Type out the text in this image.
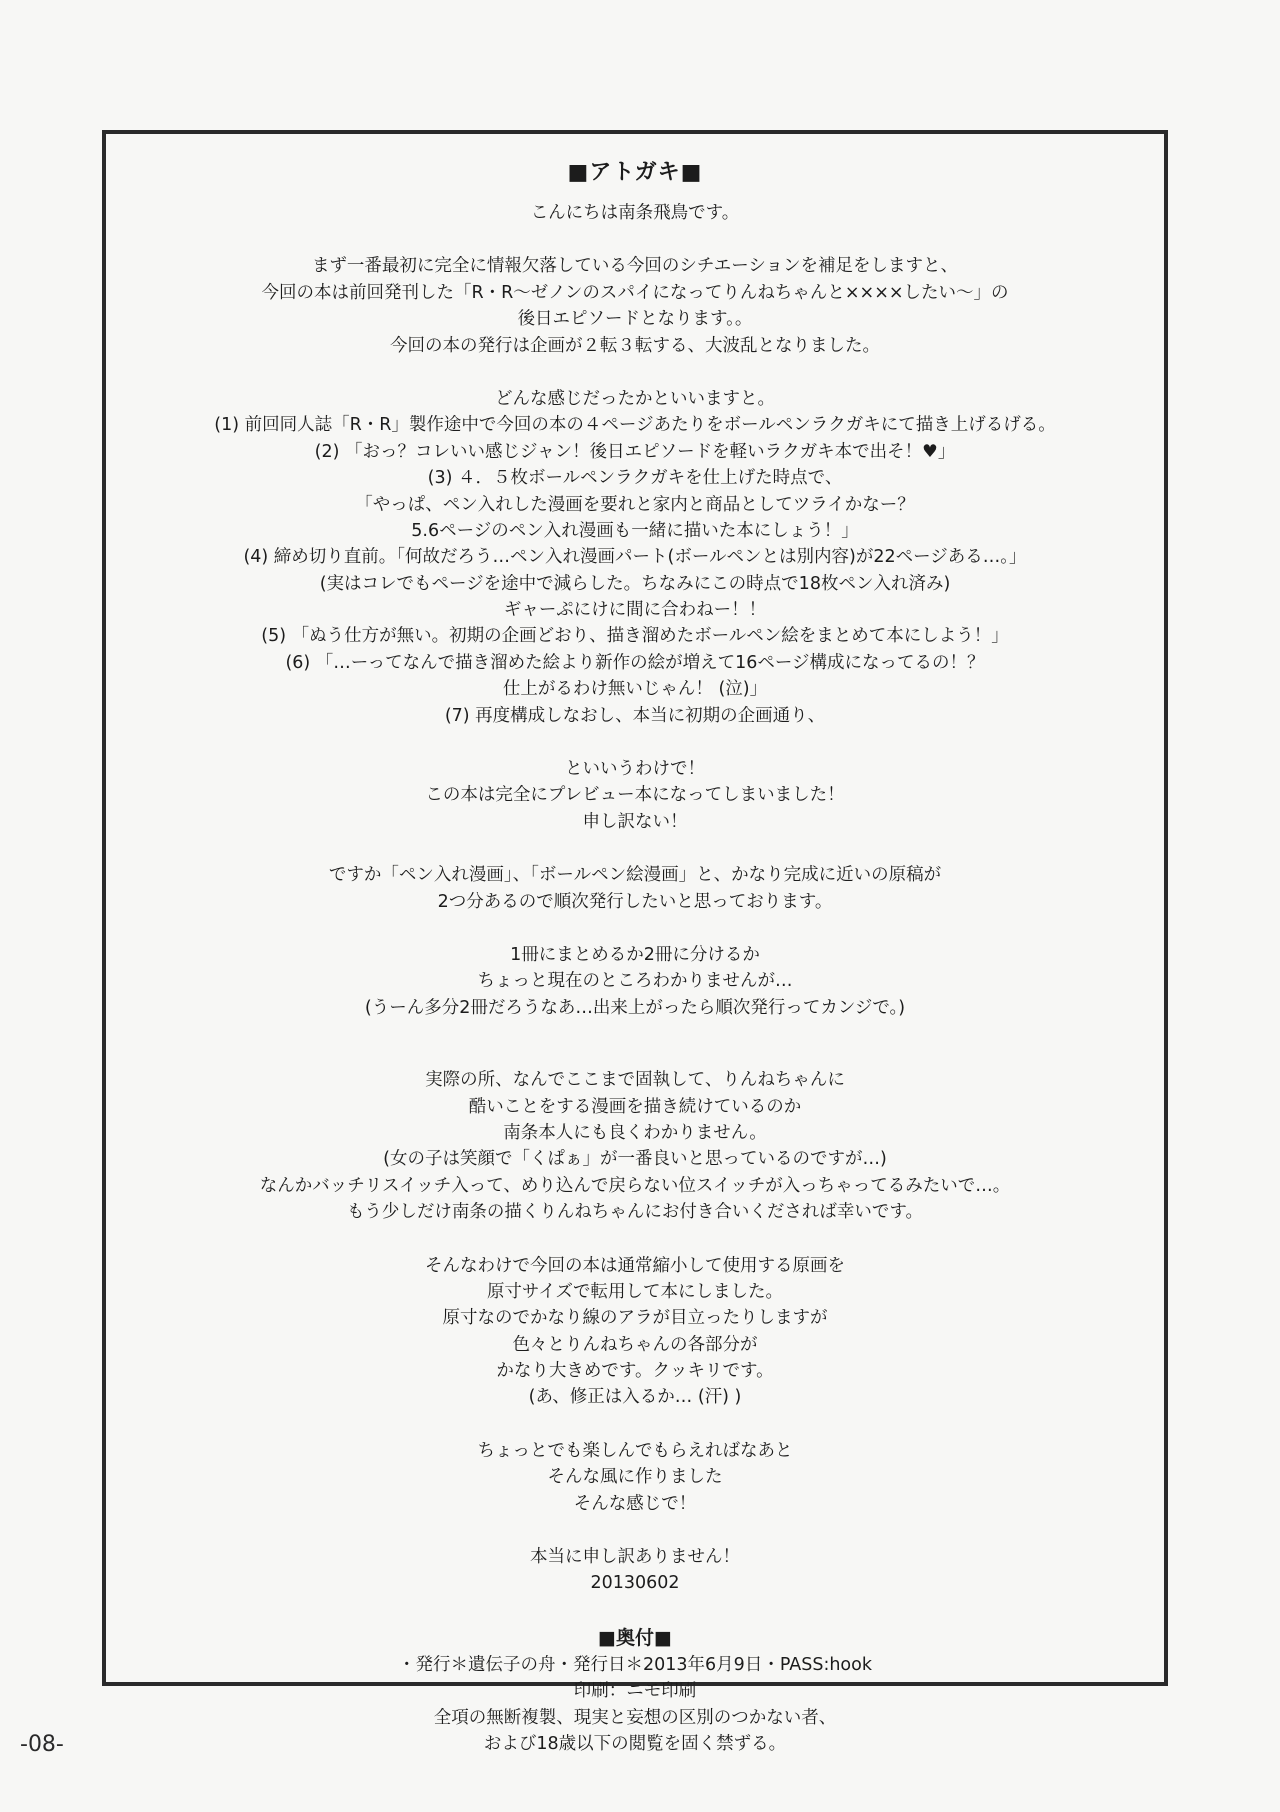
■アトガキ■
こんにちは南条飛鳥です。
まず一番最初に完全に情報欠落している今回のシチエーションを補足をしますと、
今回の本は前回発刊した「R・R～ゼノンのスパイになってりんねちゃんと××××したい～」の
後日エピソードとなります。。
今回の本の発行は企画が２転３転する、大波乱となりました。
どんな感じだったかといいますと。
(1) 前回同人誌「R・R」製作途中で今回の本の４ページあたりをボールペンラクガキにて描き上げるげる。
(2) 「おっ？コレいい感じジャン！後日エピソードを軽いラクガキ本で出そ！♥」
(3) ４．５枚ボールペンラクガキを仕上げた時点で、
「やっぱ、ペン入れした漫画を要れと家内と商品としてツライかなー？
5.6ページのペン入れ漫画も一緒に描いた本にしょう！」
(4) 締め切り直前。「何故だろう…ペン入れ漫画パート(ボールペンとは別内容)が22ページある…。」
(実はコレでもページを途中で減らした。ちなみにこの時点で18枚ペン入れ済み)
ギャーぷにけに間に合わねー！！
(5) 「ぬう仕方が無い。初期の企画どおり、描き溜めたボールペン絵をまとめて本にしよう！」
(6) 「…ーってなんで描き溜めた絵より新作の絵が増えて16ページ構成になってるの！？
仕上がるわけ無いじゃん！ (泣)」
(7) 再度構成しなおし、本当に初期の企画通り、
といいうわけで！
この本は完全にプレビュー本になってしまいました！
申し訳ない！
ですか「ペン入れ漫画」、「ボールペン絵漫画」と、かなり完成に近いの原稿が
2つ分あるので順次発行したいと思っております。
1冊にまとめるか2冊に分けるか
ちょっと現在のところわかりませんが…
(うーん多分2冊だろうなあ…出来上がったら順次発行ってカンジで。)
実際の所、なんでここまで固執して、りんねちゃんに
酷いことをする漫画を描き続けているのか
南条本人にも良くわかりません。
(女の子は笑顔で「くぱぁ」が一番良いと思っているのですが…)
なんかバッチリスイッチ入って、めり込んで戻らない位スイッチが入っちゃってるみたいで…。
もう少しだけ南条の描くりんねちゃんにお付き合いくだされば幸いです。
そんなわけで今回の本は通常縮小して使用する原画を
原寸サイズで転用して本にしました。
原寸なのでかなり線のアラが目立ったりしますが
色々とりんねちゃんの各部分が
かなり大きめです。クッキリです。
(あ、修正は入るか… (汗) )
ちょっとでも楽しんでもらえればなあと
そんな風に作りました
そんな感じで！
本当に申し訳ありません！
20130602
■奥付■
・発行＊遺伝子の舟・発行日＊2013年6月9日・PASS:hook
印刷：ニモ印刷
全項の無断複製、現実と妄想の区別のつかない者、
および18歳以下の閲覧を固く禁ずる。
-08-
